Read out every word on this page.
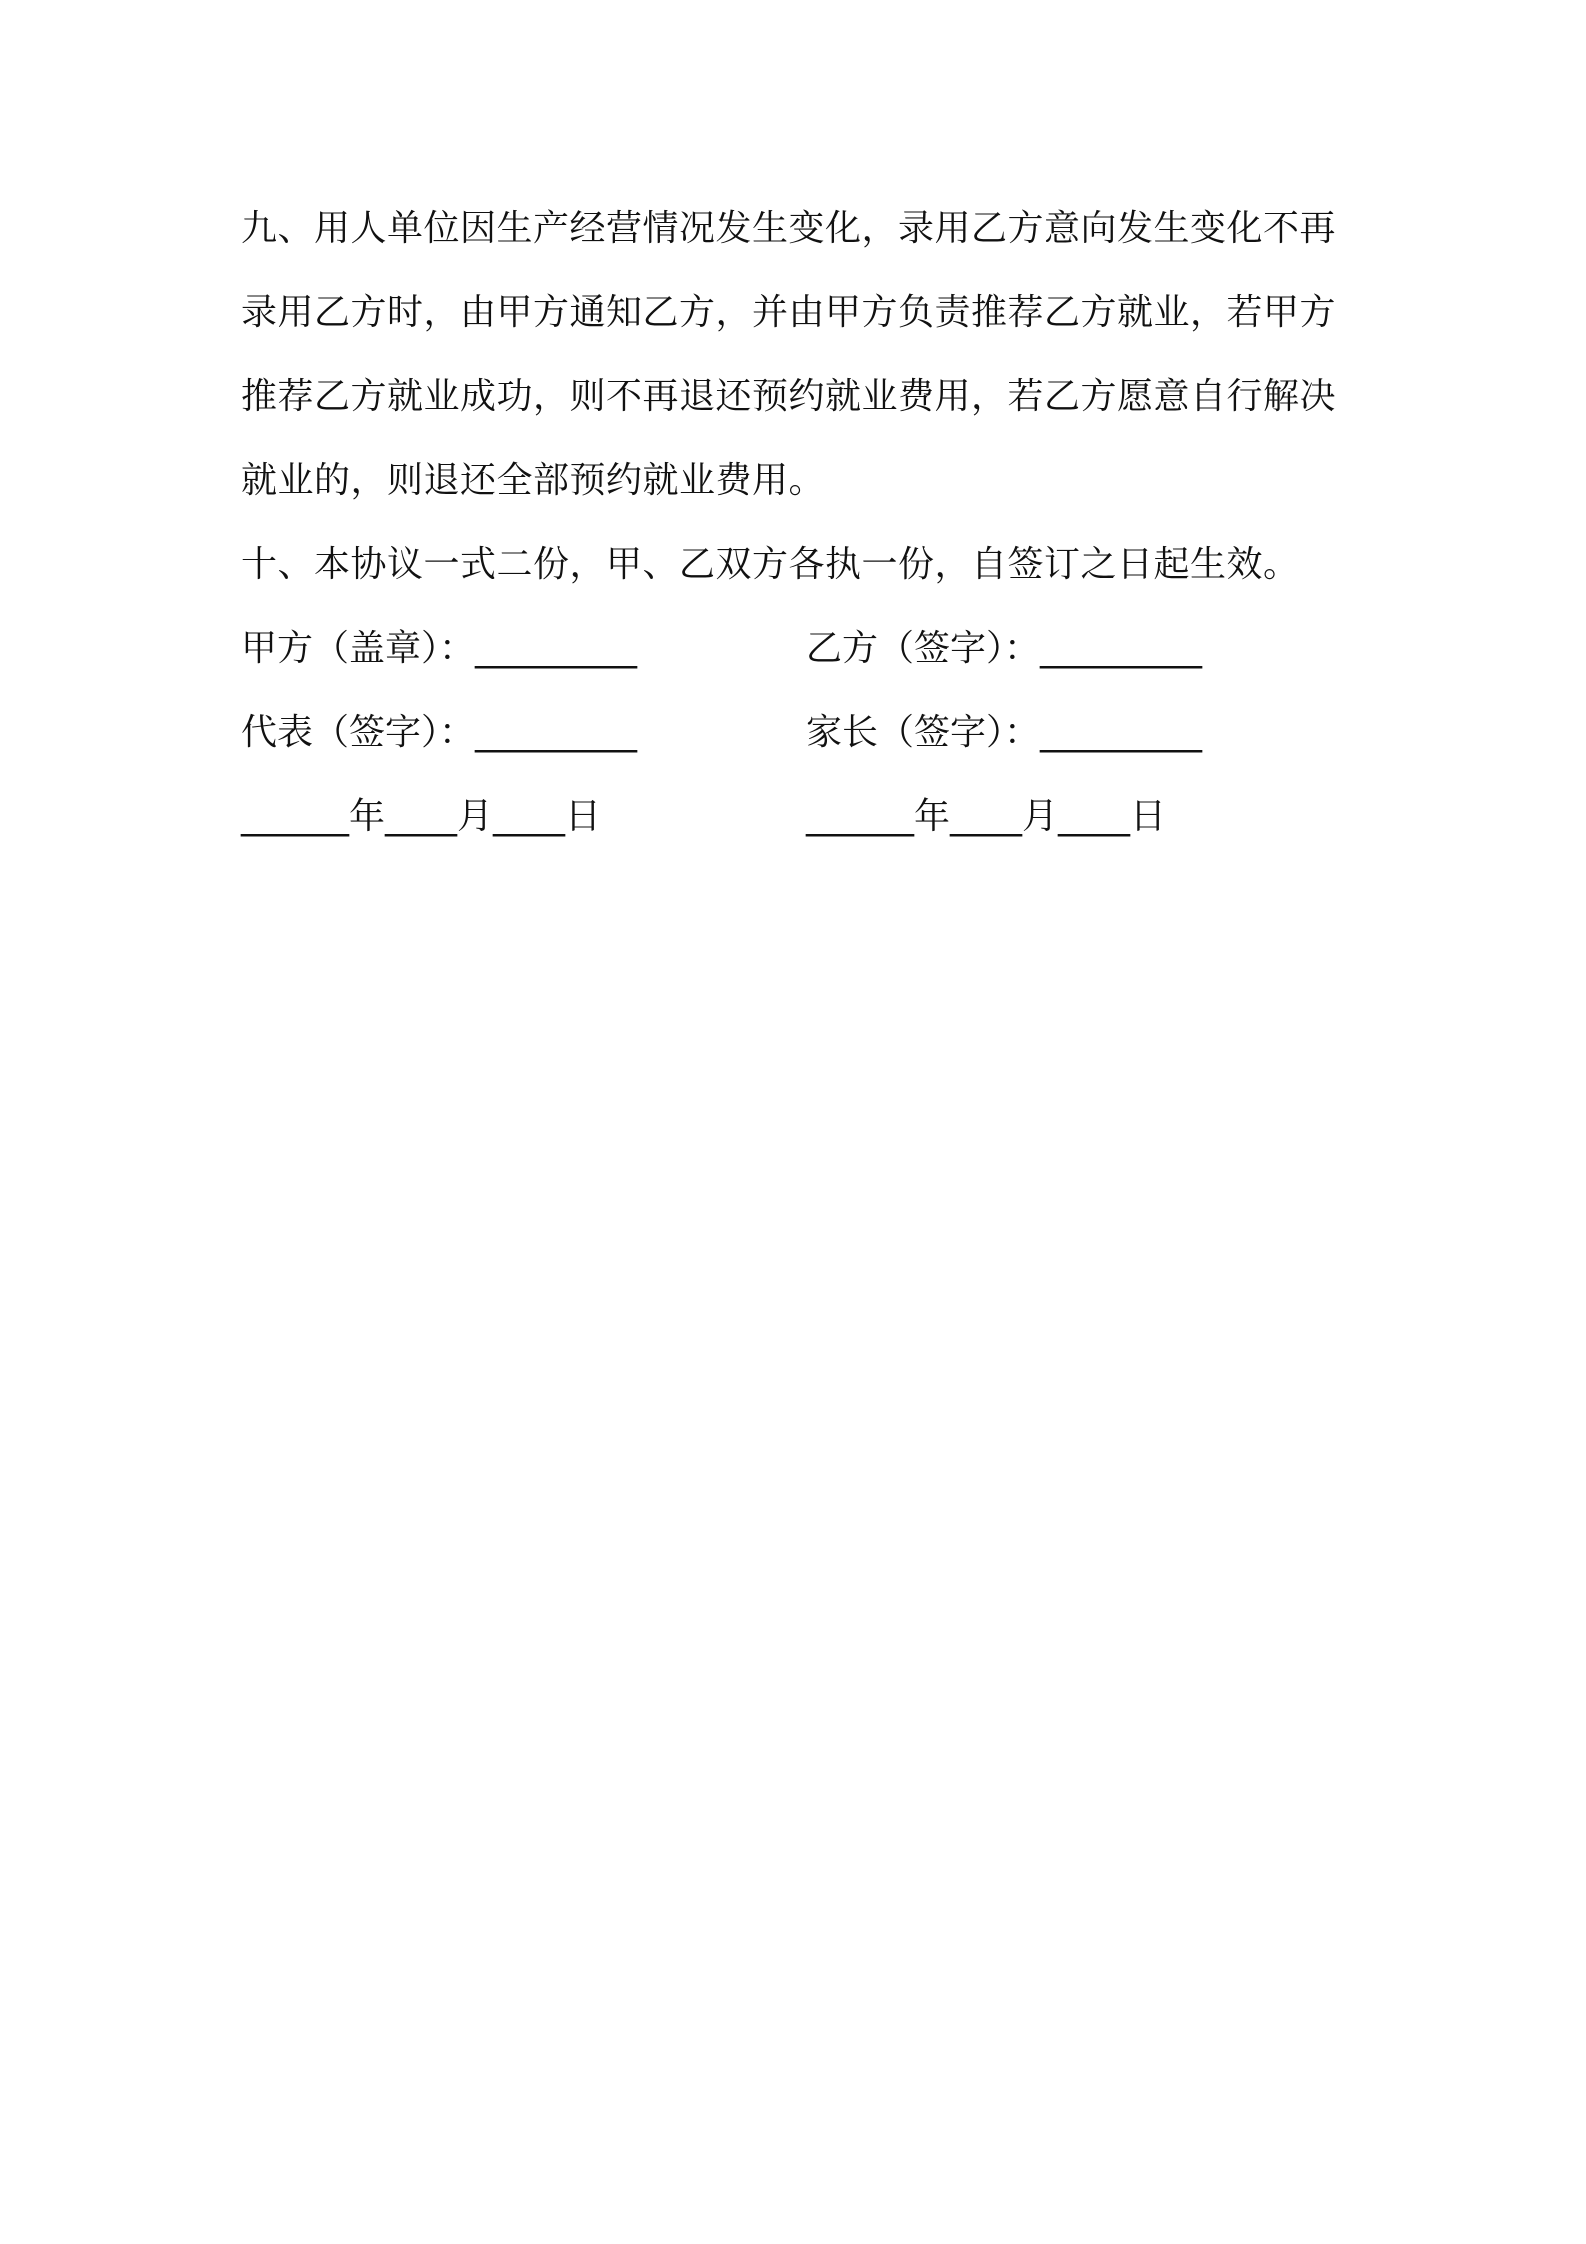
九、用人单位因生产经营情况发生变化，录用乙方意向发生变化不再
录用乙方时，由甲方通知乙方，并由甲方负责推荐乙方就业，若甲方
推荐乙方就业成功，则不再退还预约就业费用，若乙方愿意自行解决
就业的，则退还全部预约就业费用。

十、本协议一式二份，甲、乙双方各执一份，自签订之日起生效。

甲方（盖章）：_________	乙方（签字）：_________
代表（签字）：_________	家长（签字）：_________
______年____月____日	______年____月____日
